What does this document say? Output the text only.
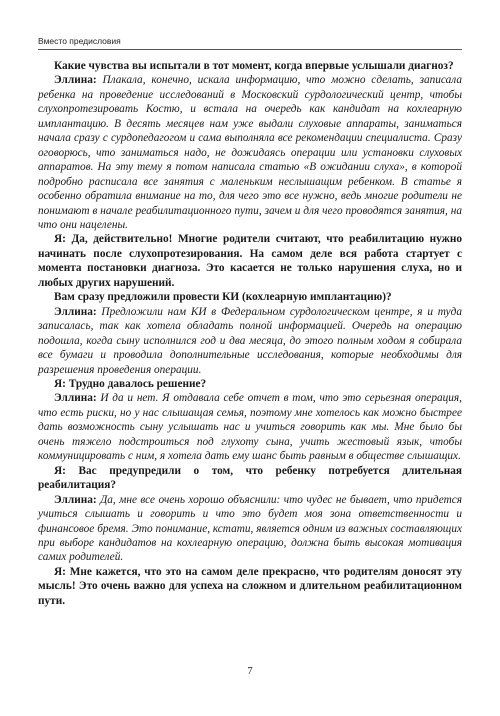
Вместо предисловия

Какие чувства вы испытали в тот момент, когда впервые услышали диагноз?

Эллина: Плакала, конечно, искала информацию, что можно сделать, записала ребенка на проведение исследований в Московский сурдологический центр, чтобы слухопротезировать Костю, и встала на очередь как кандидат на кохлеарную имплантацию. В десять месяцев нам уже выдали слуховые аппараты, заниматься начала сразу с сурдопедагогом и сама выполняла все рекомендации специалиста. Сразу оговорюсь, что заниматься надо, не дожидаясь операции или установки слуховых аппаратов. На эту тему я потом написала статью «В ожидании слуха», в которой подробно расписала все занятия с маленьким неслышащим ребенком. В статье я особенно обратила внимание на то, для чего это все нужно, ведь многие родители не понимают в начале реабилитационного пути, зачем и для чего проводятся занятия, на что они нацелены.

Я: Да, действительно! Многие родители считают, что реабилитацию нужно начинать после слухопротезирования. На самом деле вся работа стартует с момента постановки диагноза. Это касается не только нарушения слуха, но и любых других нарушений.

Вам сразу предложили провести КИ (кохлеарную имплантацию)?

Эллина: Предложили нам КИ в Федеральном сурдологическом центре, я и туда записалась, так как хотела обладать полной информацией. Очередь на операцию подошла, когда сыну исполнился год и два месяца, до этого полным ходом я собирала все бумаги и проводила дополнительные исследования, которые необходимы для разрешения проведения операции.

Я: Трудно давалось решение?

Эллина: И да и нет. Я отдавала себе отчет в том, что это серьезная операция, что есть риски, но у нас слышащая семья, поэтому мне хотелось как можно быстрее дать возможность сыну услышать нас и учиться говорить как мы. Мне было бы очень тяжело подстроиться под глухоту сына, учить жестовый язык, чтобы коммуницировать с ним, я хотела дать ему шанс быть равным в обществе слышащих.

Я: Вас предупредили о том, что ребенку потребуется длительная реабилитация?

Эллина: Да, мне все очень хорошо объяснили: что чудес не бывает, что придется учиться слышать и говорить и что это будет моя зона ответственности и финансовое бремя. Это понимание, кстати, является одним из важных составляющих при выборе кандидатов на кохлеарную операцию, должна быть высокая мотивация самих родителей.

Я: Мне кажется, что это на самом деле прекрасно, что родителям доносят эту мысль! Это очень важно для успеха на сложном и длительном реабилитационном пути.

7
